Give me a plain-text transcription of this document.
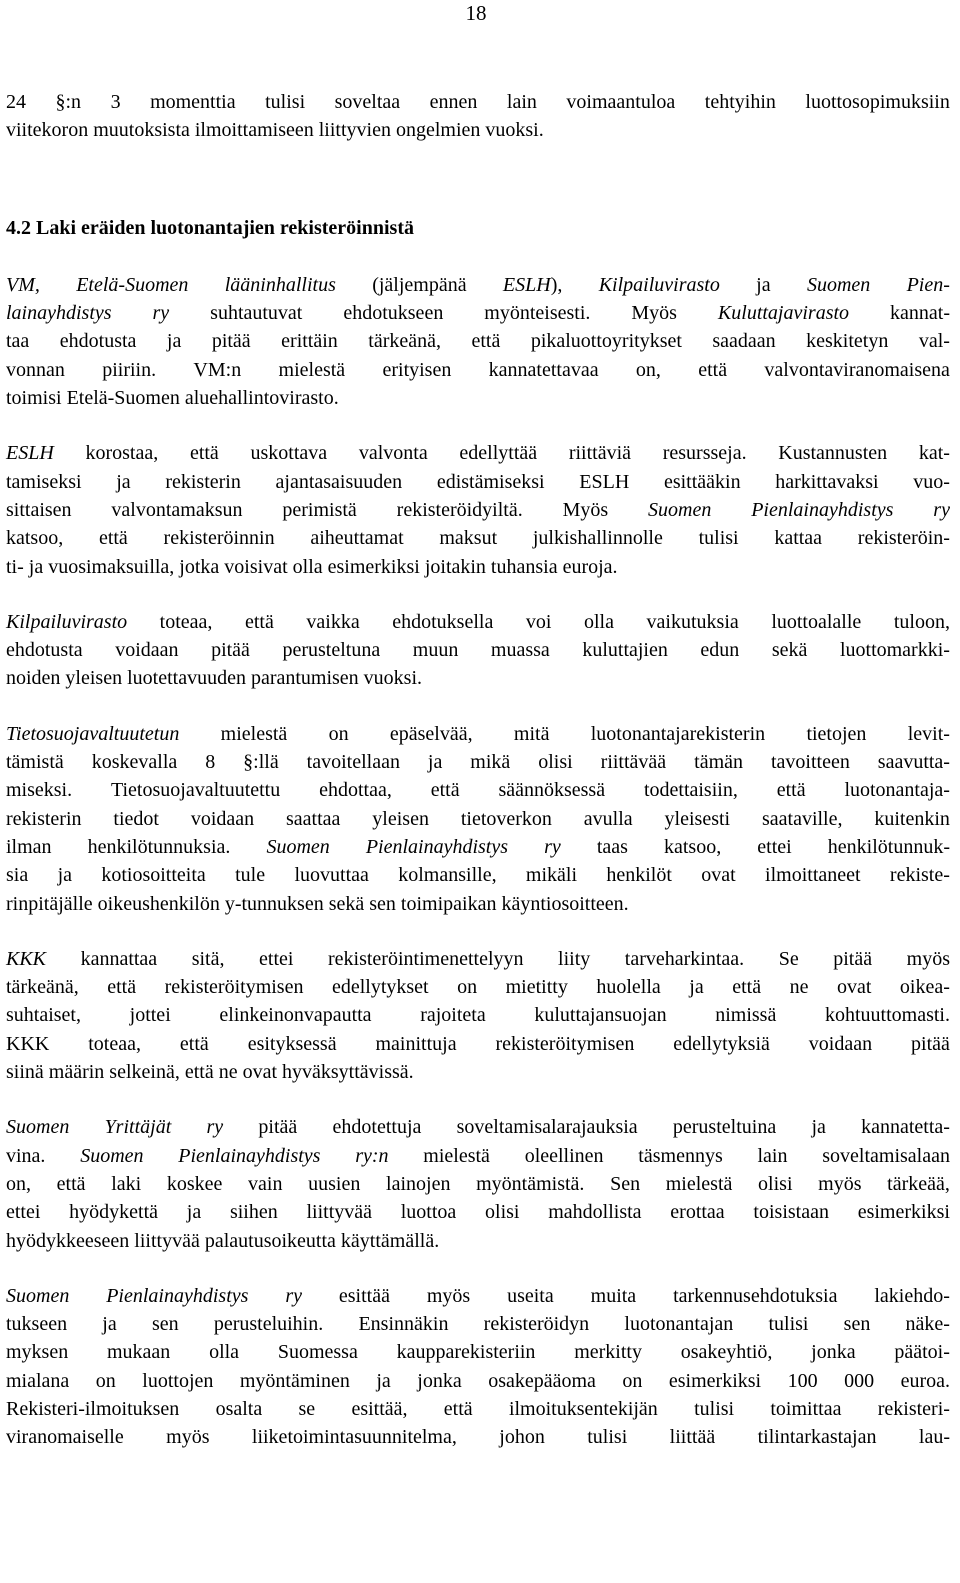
18
24 §:n 3 momenttia tulisi soveltaa ennen lain voimaantuloa tehtyihin luottosopimuksiin
viitekoron muutoksista ilmoittamiseen liittyvien ongelmien vuoksi.
4.2 Laki eräiden luotonantajien rekisteröinnistä
VM, Etelä-Suomen lääninhallitus (jäljempänä ESLH), Kilpailuvirasto ja Suomen Pien-
lainayhdistys ry suhtautuvat ehdotukseen myönteisesti. Myös Kuluttajavirasto kannat-
taa ehdotusta ja pitää erittäin tärkeänä, että pikaluottoyritykset saadaan keskitetyn val-
vonnan piiriin. VM:n mielestä erityisen kannatettavaa on, että valvontaviranomaisena
toimisi Etelä-Suomen aluehallintovirasto.
ESLH korostaa, että uskottava valvonta edellyttää riittäviä resursseja. Kustannusten kat-
tamiseksi ja rekisterin ajantasaisuuden edistämiseksi ESLH esittääkin harkittavaksi vuo-
sittaisen valvontamaksun perimistä rekisteröidyiltä. Myös Suomen Pienlainayhdistys ry
katsoo, että rekisteröinnin aiheuttamat maksut julkishallinnolle tulisi kattaa rekisteröin-
ti- ja vuosimaksuilla, jotka voisivat olla esimerkiksi joitakin tuhansia euroja.
Kilpailuvirasto toteaa, että vaikka ehdotuksella voi olla vaikutuksia luottoalalle tuloon,
ehdotusta voidaan pitää perusteltuna muun muassa kuluttajien edun sekä luottomarkki-
noiden yleisen luotettavuuden parantumisen vuoksi.
Tietosuojavaltuutetun mielestä on epäselvää, mitä luotonantajarekisterin tietojen levit-
tämistä koskevalla 8 §:llä tavoitellaan ja mikä olisi riittävää tämän tavoitteen saavutta-
miseksi. Tietosuojavaltuutettu ehdottaa, että säännöksessä todettaisiin, että luotonantaja-
rekisterin tiedot voidaan saattaa yleisen tietoverkon avulla yleisesti saataville, kuitenkin
ilman henkilötunnuksia. Suomen Pienlainayhdistys ry taas katsoo, ettei henkilötunnuk-
sia ja kotiosoitteita tule luovuttaa kolmansille, mikäli henkilöt ovat ilmoittaneet rekiste-
rinpitäjälle oikeushenkilön y-tunnuksen sekä sen toimipaikan käyntiosoitteen.
KKK kannattaa sitä, ettei rekisteröintimenettelyyn liity tarveharkintaa. Se pitää myös
tärkeänä, että rekisteröitymisen edellytykset on mietitty huolella ja että ne ovat oikea-
suhtaiset, jottei elinkeinonvapautta rajoiteta kuluttajansuojan nimissä kohtuuttomasti.
KKK toteaa, että esityksessä mainittuja rekisteröitymisen edellytyksiä voidaan pitää
siinä määrin selkeinä, että ne ovat hyväksyttävissä.
Suomen Yrittäjät ry pitää ehdotettuja soveltamisalarajauksia perusteltuina ja kannatetta-
vina. Suomen Pienlainayhdistys ry:n mielestä oleellinen täsmennys lain soveltamisalaan
on, että laki koskee vain uusien lainojen myöntämistä. Sen mielestä olisi myös tärkeää,
ettei hyödykettä ja siihen liittyvää luottoa olisi mahdollista erottaa toisistaan esimerkiksi
hyödykkeeseen liittyvää palautusoikeutta käyttämällä.
Suomen Pienlainayhdistys ry esittää myös useita muita tarkennusehdotuksia lakiehdo-
tukseen ja sen perusteluihin. Ensinnäkin rekisteröidyn luotonantajan tulisi sen näke-
myksen mukaan olla Suomessa kaupparekisteriin merkitty osakeyhtiö, jonka päätoi-
mialana on luottojen myöntäminen ja jonka osakepääoma on esimerkiksi 100 000 euroa.
Rekisteri-ilmoituksen osalta se esittää, että ilmoituksentekijän tulisi toimittaa rekisteri-
viranomaiselle myös liiketoimintasuunnitelma, johon tulisi liittää tilintarkastajan lau-
